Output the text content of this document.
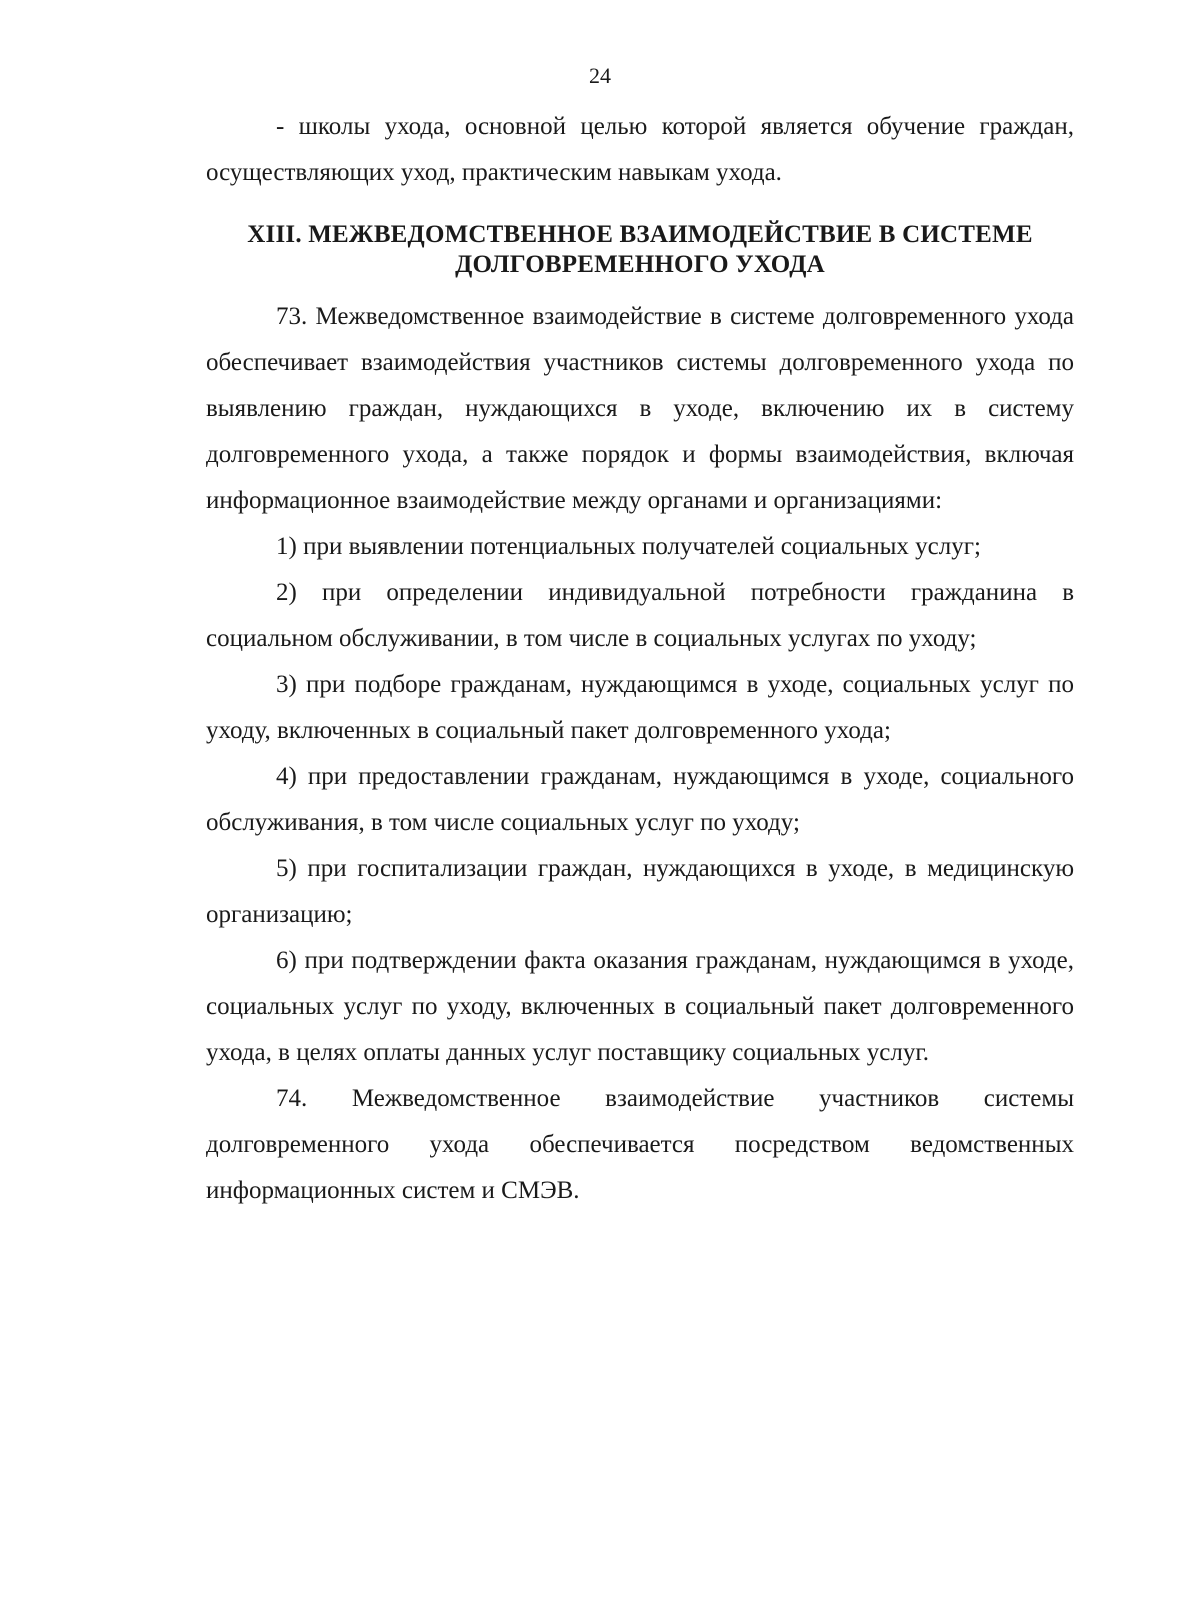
24

- школы ухода, основной целью которой является обучение граждан, осуществляющих уход, практическим навыкам ухода.

XIII. МЕЖВЕДОМСТВЕННОЕ ВЗАИМОДЕЙСТВИЕ В СИСТЕМЕ
ДОЛГОВРЕМЕННОГО УХОДА

73. Межведомственное взаимодействие в системе долговременного ухода обеспечивает взаимодействия участников системы долговременного ухода по выявлению граждан, нуждающихся в уходе, включению их в систему долговременного ухода, а также порядок и формы взаимодействия, включая информационное взаимодействие между органами и организациями:

1) при выявлении потенциальных получателей социальных услуг;

2) при определении индивидуальной потребности гражданина в социальном обслуживании, в том числе в социальных услугах по уходу;

3) при подборе гражданам, нуждающимся в уходе, социальных услуг по уходу, включенных в социальный пакет долговременного ухода;

4) при предоставлении гражданам, нуждающимся в уходе, социального обслуживания, в том числе социальных услуг по уходу;

5) при госпитализации граждан, нуждающихся в уходе, в медицинскую организацию;

6) при подтверждении факта оказания гражданам, нуждающимся в уходе, социальных услуг по уходу, включенных в социальный пакет долговременного ухода, в целях оплаты данных услуг поставщику социальных услуг.

74. Межведомственное взаимодействие участников системы долговременного ухода обеспечивается посредством ведомственных информационных систем и СМЭВ.
